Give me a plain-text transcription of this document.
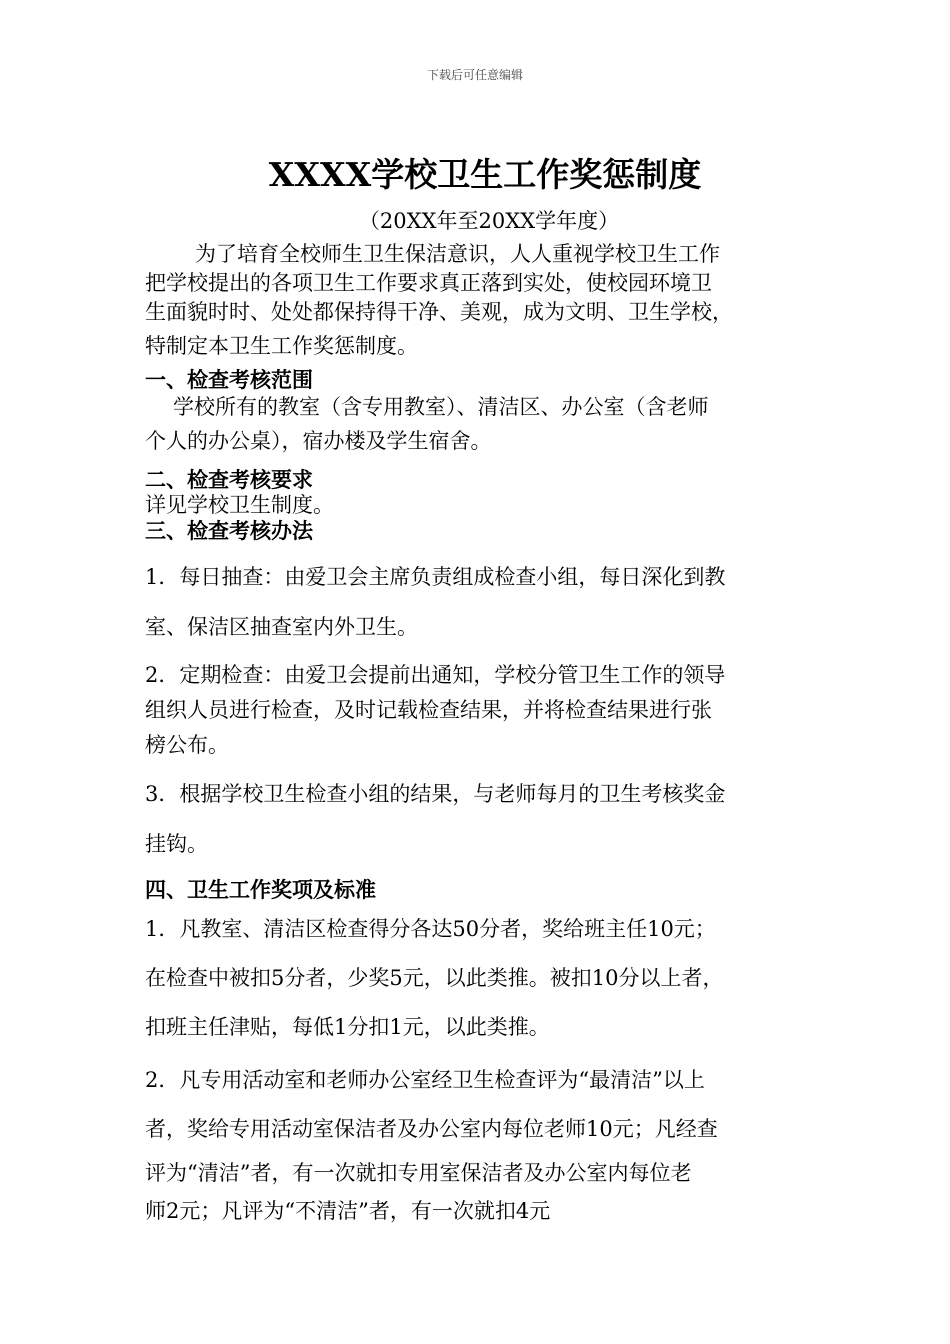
下载后可任意编辑
XXXX学校卫生工作奖惩制度

（20XX年至20XX学年度）

为了培育全校师生卫生保洁意识，人人重视学校卫生工作

把学校提出的各项卫生工作要求真正落到实处，使校园环境卫

生面貌时时、处处都保持得干净、美观，成为文明、卫生学校，

特制定本卫生工作奖惩制度。

一、检查考核范围

学校所有的教室（含专用教室）、清洁区、办公室（含老师

个人的办公桌），宿办楼及学生宿舍。

二、检查考核要求

详见学校卫生制度。

三、检查考核办法

1．每日抽查：由爱卫会主席负责组成检查小组，每日深化到教

室、保洁区抽查室内外卫生。

2．定期检查：由爱卫会提前出通知，学校分管卫生工作的领导

组织人员进行检查，及时记载检查结果，并将检查结果进行张

榜公布。

3．根据学校卫生检查小组的结果，与老师每月的卫生考核奖金

挂钩。

四、卫生工作奖项及标准

1．凡教室、清洁区检查得分各达50分者，奖给班主任10元；

在检查中被扣5分者，少奖5元，以此类推。被扣10分以上者，

扣班主任津贴，每低1分扣1元，以此类推。

2．凡专用活动室和老师办公室经卫生检查评为“最清洁”以上

者，奖给专用活动室保洁者及办公室内每位老师10元；凡经查

评为“清洁”者，有一次就扣专用室保洁者及办公室内每位老

师2元；凡评为“不清洁”者，有一次就扣4元
